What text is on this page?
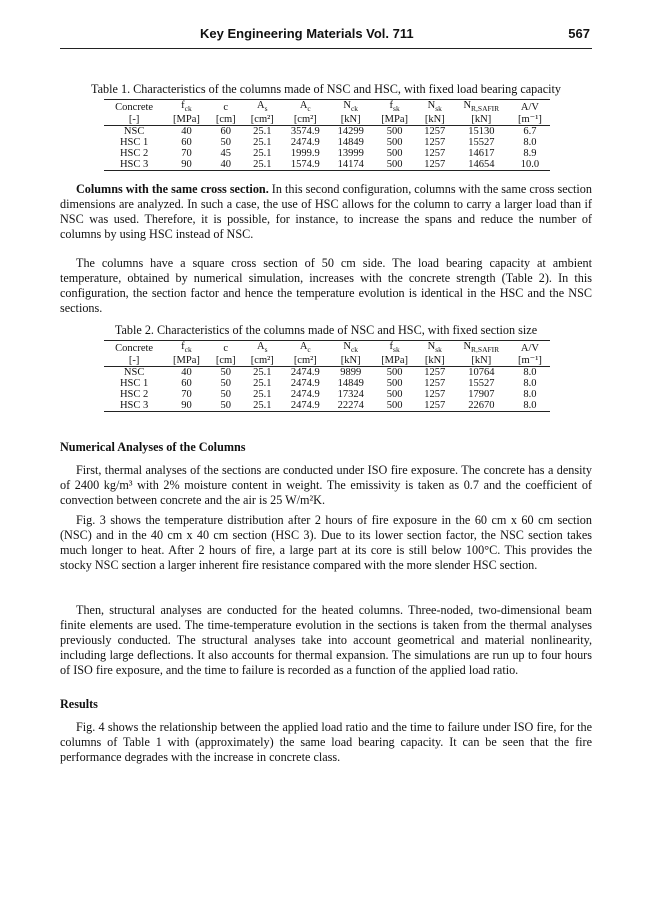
Key Engineering Materials Vol. 711	567
Table 1. Characteristics of the columns made of NSC and HSC, with fixed load bearing capacity
Concrete	$f_{ck}$	c	$A_s$	$A_c$	$N_{ck}$	$f_{sk}$	$N_{sk}$	$N_{R,SAFIR}$	A/V
[-]	[MPa]	[cm]	[cm²]	[cm²]	[kN]	[MPa]	[kN]	[kN]	[m⁻¹]
NSC	40	60	25.1	3574.9	14299	500	1257	15130	6.7
HSC 1	60	50	25.1	2474.9	14849	500	1257	15527	8.0
HSC 2	70	45	25.1	1999.9	13999	500	1257	14617	8.9
HSC 3	90	40	25.1	1574.9	14174	500	1257	14654	10.0
Columns with the same cross section. In this second configuration, columns with the same cross section dimensions are analyzed. In such a case, the use of HSC allows for the column to carry a larger load than if NSC was used. Therefore, it is possible, for instance, to increase the spans and reduce the number of columns by using HSC instead of NSC.
The columns have a square cross section of 50 cm side. The load bearing capacity at ambient temperature, obtained by numerical simulation, increases with the concrete strength (Table 2). In this configuration, the section factor and hence the temperature evolution is identical in the HSC and the NSC sections.
Table 2. Characteristics of the columns made of NSC and HSC, with fixed section size
Concrete	$f_{ck}$	c	$A_s$	$A_c$	$N_{ck}$	$f_{sk}$	$N_{sk}$	$N_{R,SAFIR}$	A/V
[-]	[MPa]	[cm]	[cm²]	[cm²]	[kN]	[MPa]	[kN]	[kN]	[m⁻¹]
NSC	40	50	25.1	2474.9	9899	500	1257	10764	8.0
HSC 1	60	50	25.1	2474.9	14849	500	1257	15527	8.0
HSC 2	70	50	25.1	2474.9	17324	500	1257	17907	8.0
HSC 3	90	50	25.1	2474.9	22274	500	1257	22670	8.0
Numerical Analyses of the Columns
First, thermal analyses of the sections are conducted under ISO fire exposure. The concrete has a density of 2400 kg/m³ with 2% moisture content in weight. The emissivity is taken as 0.7 and the coefficient of convection between concrete and the air is 25 W/m²K.
Fig. 3 shows the temperature distribution after 2 hours of fire exposure in the 60 cm x 60 cm section (NSC) and in the 40 cm x 40 cm section (HSC 3). Due to its lower section factor, the NSC section takes much longer to heat. After 2 hours of fire, a large part at its core is still below 100°C. This provides the stocky NSC section a larger inherent fire resistance compared with the more slender HSC section.
Then, structural analyses are conducted for the heated columns. Three-noded, two-dimensional beam finite elements are used. The time-temperature evolution in the sections is taken from the thermal analyses previously conducted. The structural analyses take into account geometrical and material nonlinearity, including large deflections. It also accounts for thermal expansion. The simulations are run up to four hours of ISO fire exposure, and the time to failure is recorded as a function of the applied load ratio.
Results
Fig. 4 shows the relationship between the applied load ratio and the time to failure under ISO fire, for the columns of Table 1 with (approximately) the same load bearing capacity. It can be seen that the fire performance degrades with the increase in concrete class.
